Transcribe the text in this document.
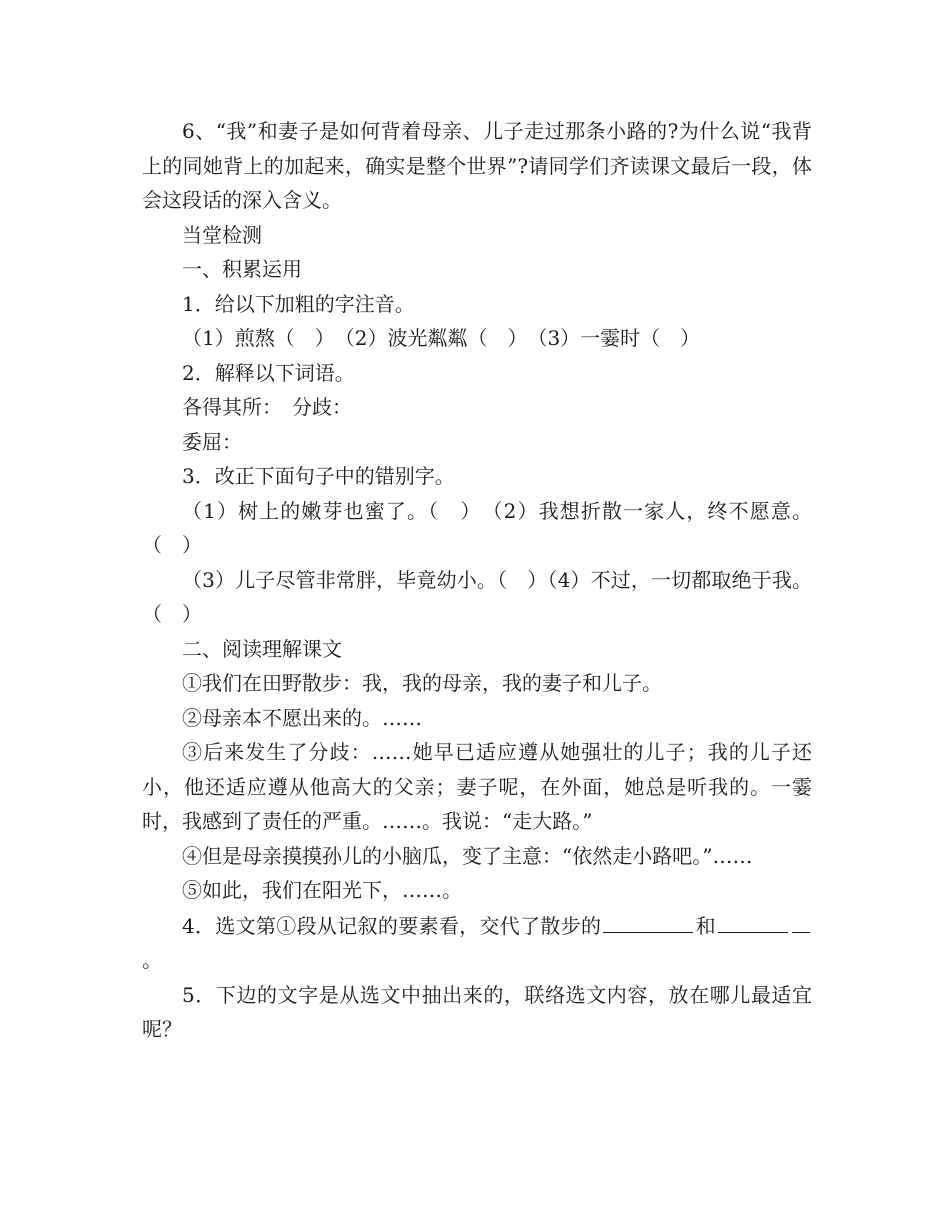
6、“我”和妻子是如何背着母亲、儿子走过那条小路的?为什么说“我背上的同她背上的加起来，确实是整个世界”?请同学们齐读课文最后一段，体会这段话的深入含义。

当堂检测

一、积累运用

1．给以下加粗的字注音。

（1）煎熬（　）　（2）波光粼粼（　）　（3）一霎时（　）

2．解释以下词语。

各得其所：　分歧：

委屈：

3．改正下面句子中的错别字。

（1）树上的嫩芽也蜜了。（　）　（2）我想折散一家人，终不愿意。（　）

（3）儿子尽管非常胖，毕竟幼小。（　）（4）不过，一切都取绝于我。（　）

二、阅读理解课文

①我们在田野散步：我，我的母亲，我的妻子和儿子。

②母亲本不愿出来的。……

③后来发生了分歧：……她早已适应遵从她强壮的儿子；我的儿子还小，他还适应遵从他高大的父亲；妻子呢，在外面，她总是听我的。一霎时，我感到了责任的严重。……。我说：“走大路。”

④但是母亲摸摸孙儿的小脑瓜，变了主意：“依然走小路吧。”……

⑤如此，我们在阳光下，……。

4．选文第①段从记叙的要素看，交代了散步的	和。

5．下边的文字是从选文中抽出来的，联络选文内容，放在哪儿最适宜呢？
